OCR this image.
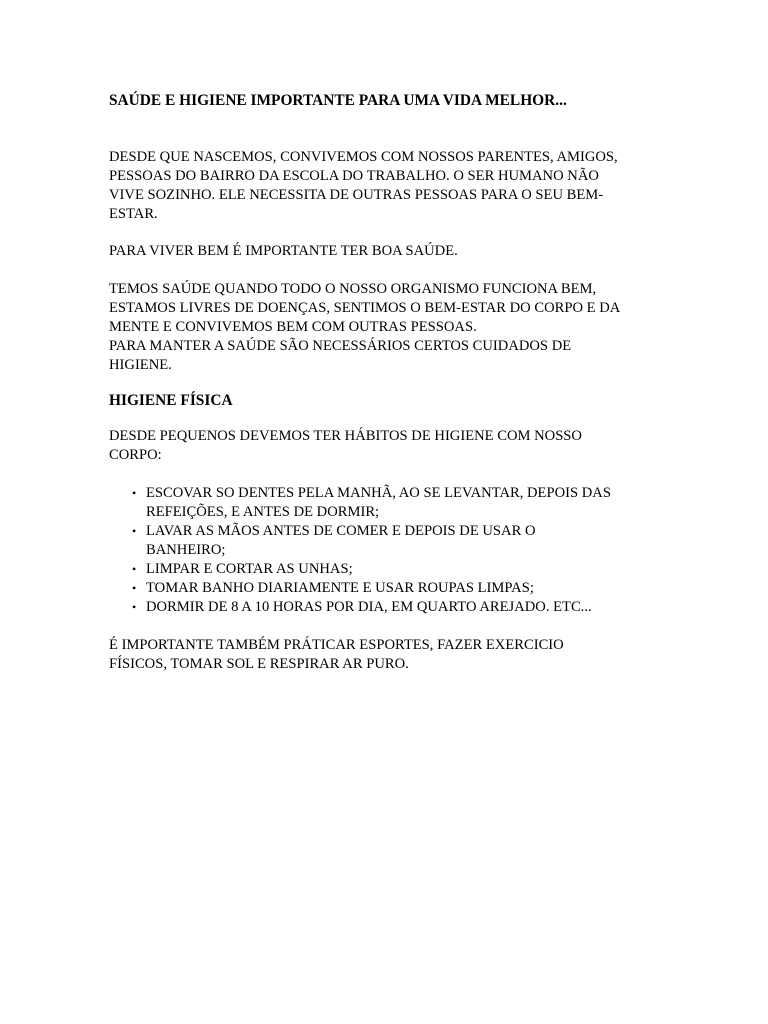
SAÚDE E HIGIENE IMPORTANTE PARA UMA VIDA MELHOR...

DESDE QUE NASCEMOS, CONVIVEMOS COM NOSSOS PARENTES, AMIGOS,
PESSOAS DO BAIRRO DA ESCOLA DO TRABALHO. O SER HUMANO NÃO
VIVE SOZINHO. ELE NECESSITA DE OUTRAS PESSOAS PARA O SEU BEM-
ESTAR.

PARA VIVER BEM É IMPORTANTE TER BOA SAÚDE.

TEMOS SAÚDE QUANDO TODO O NOSSO ORGANISMO FUNCIONA BEM,
ESTAMOS LIVRES DE DOENÇAS, SENTIMOS O BEM-ESTAR DO CORPO E DA
MENTE E CONVIVEMOS BEM COM OUTRAS PESSOAS.
PARA MANTER A SAÚDE SÃO NECESSÁRIOS CERTOS CUIDADOS DE
HIGIENE.

HIGIENE FÍSICA

DESDE PEQUENOS DEVEMOS TER HÁBITOS DE HIGIENE COM NOSSO
CORPO:

• ESCOVAR SO DENTES PELA MANHÃ, AO SE LEVANTAR, DEPOIS DAS
REFEIÇÕES, E ANTES DE DORMIR;
• LAVAR AS MÃOS ANTES DE COMER E DEPOIS DE USAR O
BANHEIRO;
• LIMPAR E CORTAR AS UNHAS;
• TOMAR BANHO DIARIAMENTE E USAR ROUPAS LIMPAS;
• DORMIR DE 8 A 10 HORAS POR DIA, EM QUARTO AREJADO. ETC...

É IMPORTANTE TAMBÉM PRÁTICAR ESPORTES, FAZER EXERCICIO
FÍSICOS, TOMAR SOL E RESPIRAR AR PURO.
